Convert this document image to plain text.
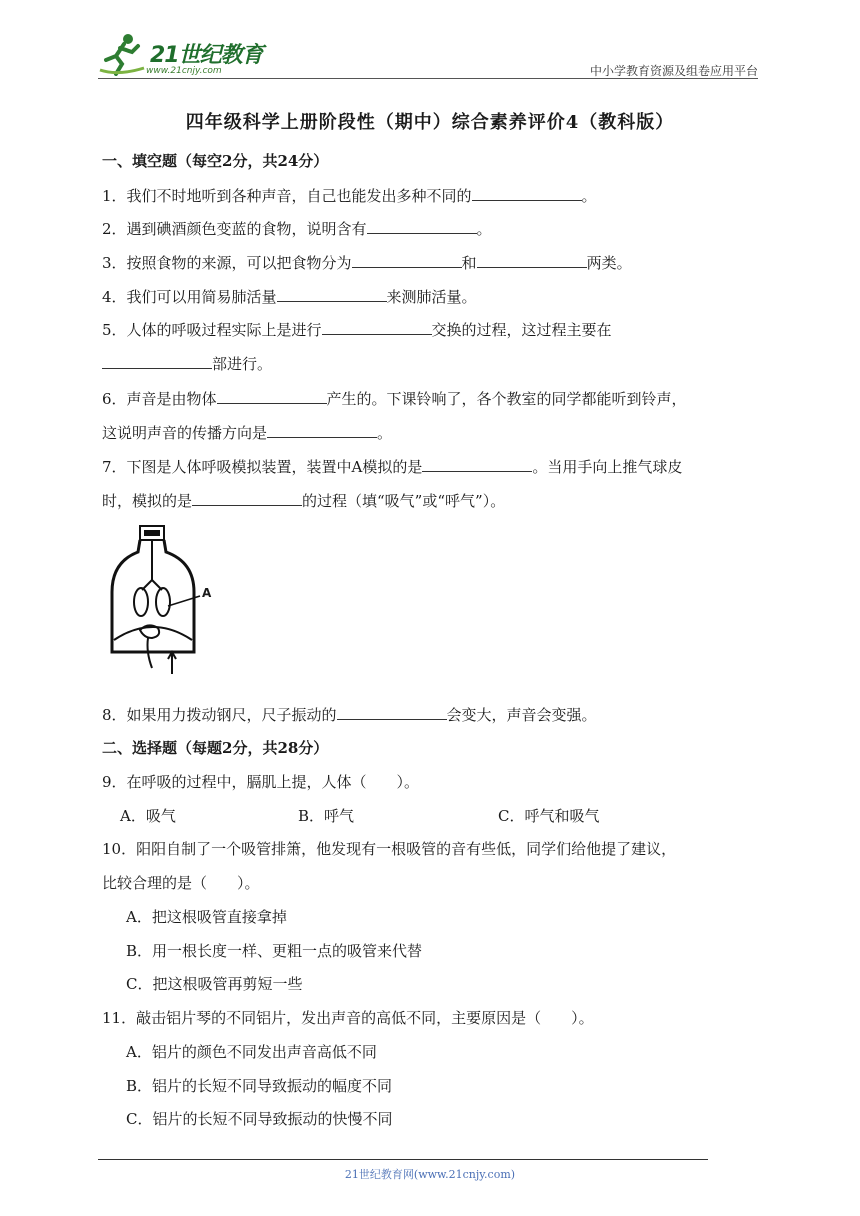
21世纪教育
www.21cnjy.com	中小学教育资源及组卷应用平台
四年级科学上册阶段性（期中）综合素养评价4（教科版）
一、填空题（每空2分，共24分）
1．我们不时地听到各种声音，自己也能发出多种不同的	。
2．遇到碘酒颜色变蓝的食物，说明含有	。
3．按照食物的来源，可以把食物分为	和	两类。
4．我们可以用简易肺活量	来测肺活量。
5．人体的呼吸过程实际上是进行	交换的过程，这过程主要在
部进行。
6．声音是由物体	产生的。下课铃响了，各个教室的同学都能听到铃声，
这说明声音的传播方向是	。
7．下图是人体呼吸模拟装置，装置中A模拟的是	。当用手向上推气球皮
时，模拟的是	的过程（填“吸气”或“呼气”）。
A
8．如果用力拨动钢尺，尺子振动的	会变大，声音会变强。
二、选择题（每题2分，共28分）
9．在呼吸的过程中，膈肌上提，人体（　　）。
A．吸气	B．呼气	C．呼气和吸气
10．阳阳自制了一个吸管排箫，他发现有一根吸管的音有些低，同学们给他提了建议，
比较合理的是（　　）。
A．把这根吸管直接拿掉
B．用一根长度一样、更粗一点的吸管来代替
C．把这根吸管再剪短一些
11．敲击铝片琴的不同铝片，发出声音的高低不同，主要原因是（　　）。
A．铝片的颜色不同发出声音高低不同
B．铝片的长短不同导致振动的幅度不同
C．铝片的长短不同导致振动的快慢不同
21世纪教育网(www.21cnjy.com)
